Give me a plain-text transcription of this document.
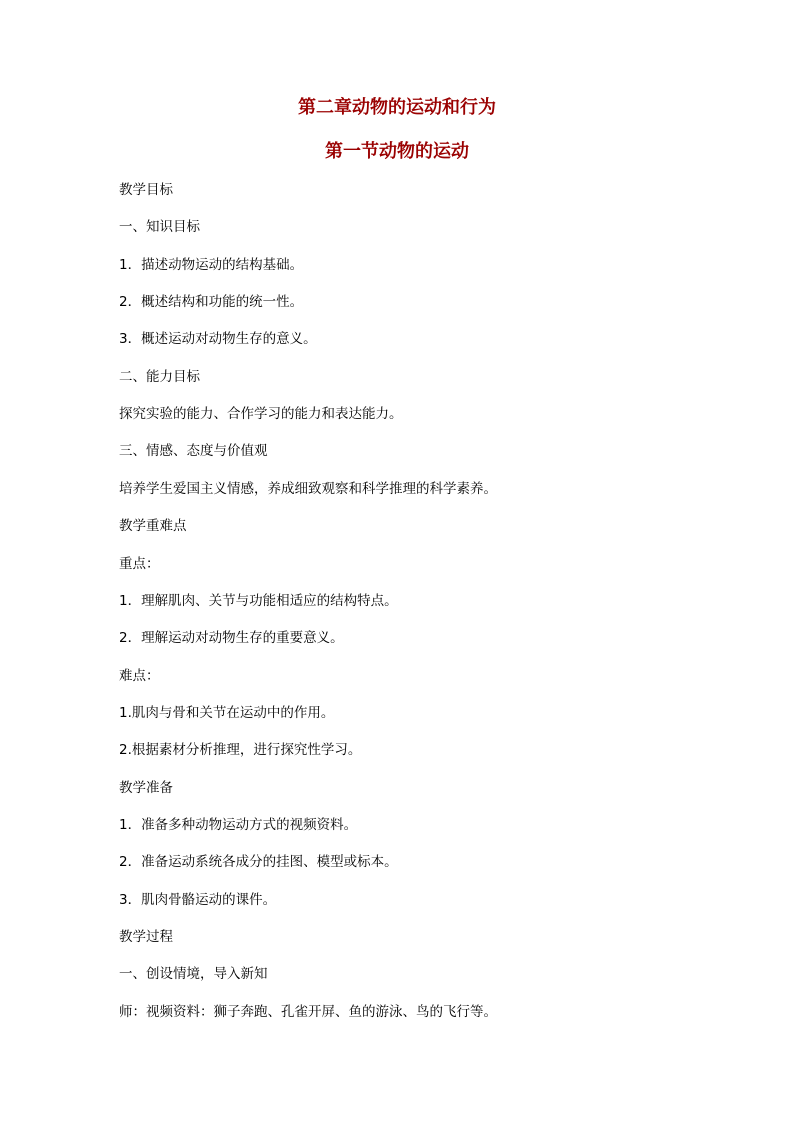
第二章动物的运动和行为
第一节动物的运动
教学目标
一、知识目标
1．描述动物运动的结构基础。
2．概述结构和功能的统一性。
3．概述运动对动物生存的意义。
二、能力目标
探究实验的能力、合作学习的能力和表达能力。
三、情感、态度与价值观
培养学生爱国主义情感，养成细致观察和科学推理的科学素养。
教学重难点
重点：
1．理解肌肉、关节与功能相适应的结构特点。
2．理解运动对动物生存的重要意义。
难点：
1.肌肉与骨和关节在运动中的作用。
2.根据素材分析推理，进行探究性学习。
教学准备
1．准备多种动物运动方式的视频资料。
2．准备运动系统各成分的挂图、模型或标本。
3．肌肉骨骼运动的课件。
教学过程
一、创设情境，导入新知
师：视频资料：狮子奔跑、孔雀开屏、鱼的游泳、鸟的飞行等。
